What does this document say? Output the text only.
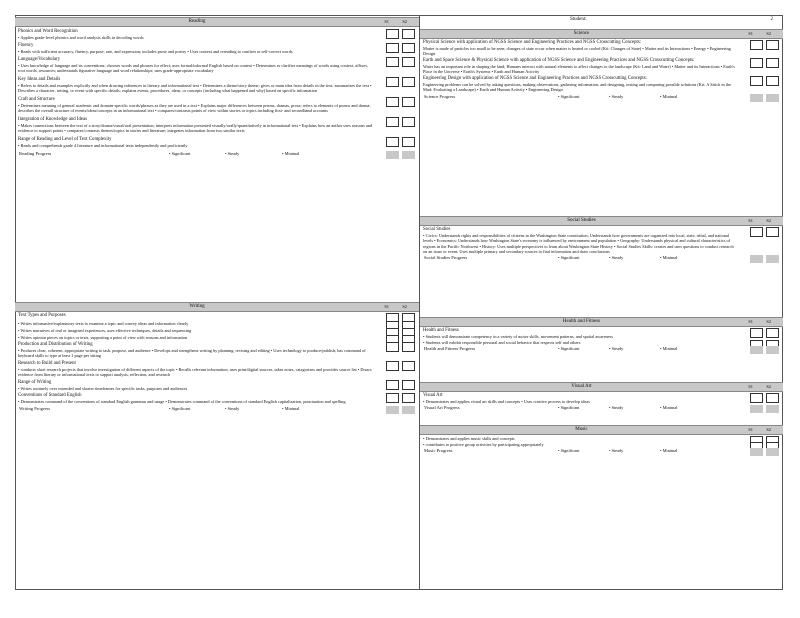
Reading	S1	S2
Phonics and Word Recognition
• Applies grade-level phonics and word analysis skills in decoding words
Fluency
• Reads with sufficient accuracy, fluency, purpose, rate, and expression; includes prose and poetry • Uses context and rereading to confirm or self-correct words
Language/Vocabulary
• Uses knowledge of language and its conventions; chooses words and phrases for effect; uses formal/informal English based on context • Determines or clarifies meanings of words using context, affixes, root words, resources; understands figurative language and word relationships; uses grade-appropriate vocabulary
Key Ideas and Details
• Refers to details and examples explicitly and when drawing inferences in literary and informational text • Determines a theme/story theme; gives or main idea from details in the text; summarizes the text • Describes a character, setting, or event with specific details; explains events, procedures, ideas, or concepts (including what happened and why) based on specific information
Craft and Structure
• Determines meaning of general academic and domain-specific words/phrases as they are used in a text • Explains major differences between poems, dramas, prose; refers to elements of poems and drama; describes the overall structure of events/ideas/concepts in an informational text • compares/contrasts points of view within stories or topics including first- and secondhand accounts
Integration of Knowledge and Ideas
• Makes connections between the text of a story/drama/visual/oral presentation; interprets information presented visually/orally/quantitatively in informational text • Explains how an author uses reasons and evidence to support points • compares/contrasts themes/topics in stories and literature; integrates information from two similar texts
Range of Reading and Level of Text Complexity
• Reads and comprehends grade 4 literature and informational texts independently and proficiently
Reading Progress	• Significant	• Steady	• Minimal
Writing	S1	S2
Text Types and Purposes
• Writes informative/explanatory texts to examine a topic and convey ideas and information clearly
• Writes narratives of real or imagined experiences, uses effective techniques, details and sequencing
• Writes opinion pieces on topics or texts, supporting a point of view with reasons and information
Production and Distribution of Writing
• Produces clear, coherent, appropriate writing to task, purpose, and audience • Develops and strengthens writing by planning, revising and editing • Uses technology to produce/publish; has command of keyboard skills to type at least 1 page per sitting
Research to Build and Present
• conducts short research projects that involve investigation of different aspects of the topic • Recalls relevant information, uses print/digital sources, takes notes, categorizes and provides source list • Draws evidence from literary or informational texts to support analysis, reflection, and research
Range of Writing
• Writes routinely over extended and shorter timeframes for specific tasks, purposes and audiences
Conventions of Standard English
• Demonstrates command of the conventions of standard English grammar and usage • Demonstrates command of the conventions of standard English capitalization, punctuation and spelling
Writing Progress	• Significant	• Steady	• Minimal
Student:	2
Science	S1	S2
Physical Science with application of NGSS Science and Engineering Practices and NGSS Crosscutting Concepts:
Matter is made of particles too small to be seen; changes of state occur when matter is heated or cooled (Kit: Changes of State) • Matter and its Interactions • Energy • Engineering Design
Earth and Space Science & Physical Science with application of NGSS Science and Engineering Practices and NGSS Crosscutting Concepts:
Water has an important role in shaping the land; Humans interact with natural elements to affect changes to the landscape (Kit: Land and Water) • Matter and its Interactions • Earth's Place in the Universe • Earth's Systems • Earth and Human Activity
Engineering Design with application of NGSS Science and Engineering Practices and NGSS Crosscutting Concepts:
Engineering problems can be solved by asking questions, making observations, gathering information, and designing, testing and comparing possible solutions (Kit: A Stitch in the Mud: Evaluating a Landscape) • Earth and Human Activity • Engineering Design
Science Progress	• Significant	• Steady	• Minimal
Social Studies	S1	S2
Social Studies
• Civics: Understands rights and responsibilities of citizens in the Washington State constitution; Understands how governments are organized into local, state, tribal, and national levels • Economics: Understands how Washington State's economy is influenced by environment and population • Geography: Understands physical and cultural characteristics of regions in the Pacific Northwest • History: Uses multiple perspectives to learn about Washington State History • Social Studies Skills: creates and uses questions to conduct research on an issue or event; Uses multiple primary and secondary sources to find information and draw conclusions
Social Studies Progress	• Significant	• Steady	• Minimal
Health and Fitness	S1	S2
Health and Fitness
• Students will demonstrate competency in a variety of motor skills, movement patterns, and spatial awareness
• Students will exhibit responsible personal and social behavior that respects self and others
Health and Fitness Progress	• Significant	• Steady	• Minimal
Visual Art	S1	S2
Visual Art
• Demonstrates and applies visual art skills and concepts • Uses creative process to develop ideas
Visual Art Progress	• Significant	• Steady	• Minimal
Music	S1	S2
• Demonstrates and applies music skills and concepts
• contributes to positive group activities by participating appropriately
Music Progress	• Significant	• Steady	• Minimal
